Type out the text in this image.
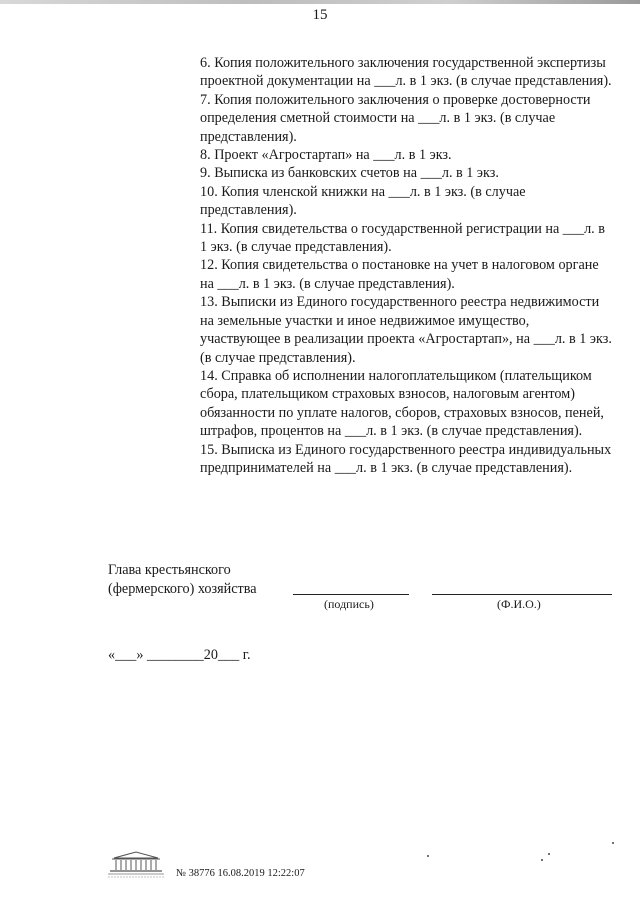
15

6. Копия положительного заключения государственной экспертизы проектной документации на ___л. в 1 экз. (в случае представления).

7. Копия положительного заключения о проверке достоверности определения сметной стоимости на ___л. в 1 экз. (в случае представления).

8. Проект «Агростартап» на ___л. в 1 экз.

9. Выписка из банковских счетов на ___л. в 1 экз.

10. Копия членской книжки на ___л. в 1 экз. (в случае представления).

11. Копия свидетельства о государственной регистрации на ___л. в 1 экз. (в случае представления).

12. Копия свидетельства о постановке на учет в налоговом органе на ___л. в 1 экз. (в случае представления).

13. Выписки из Единого государственного реестра недвижимости на земельные участки и иное недвижимое имущество, участвующее в реализации проекта «Агростартап», на ___л. в 1 экз. (в случае представления).

14. Справка об исполнении налогоплательщиком (плательщиком сбора, плательщиком страховых взносов, налоговым агентом) обязанности по уплате налогов, сборов, страховых взносов, пеней, штрафов, процентов на ___л. в 1 экз. (в случае представления).

15. Выписка из Единого государственного реестра индивидуальных предпринимателей на ___л. в 1 экз. (в случае представления).

Глава крестьянского
(фермерского) хозяйства
(подпись)	(Ф.И.О.)
«___» ________20___ г.
№ 38776 16.08.2019 12:22:07
